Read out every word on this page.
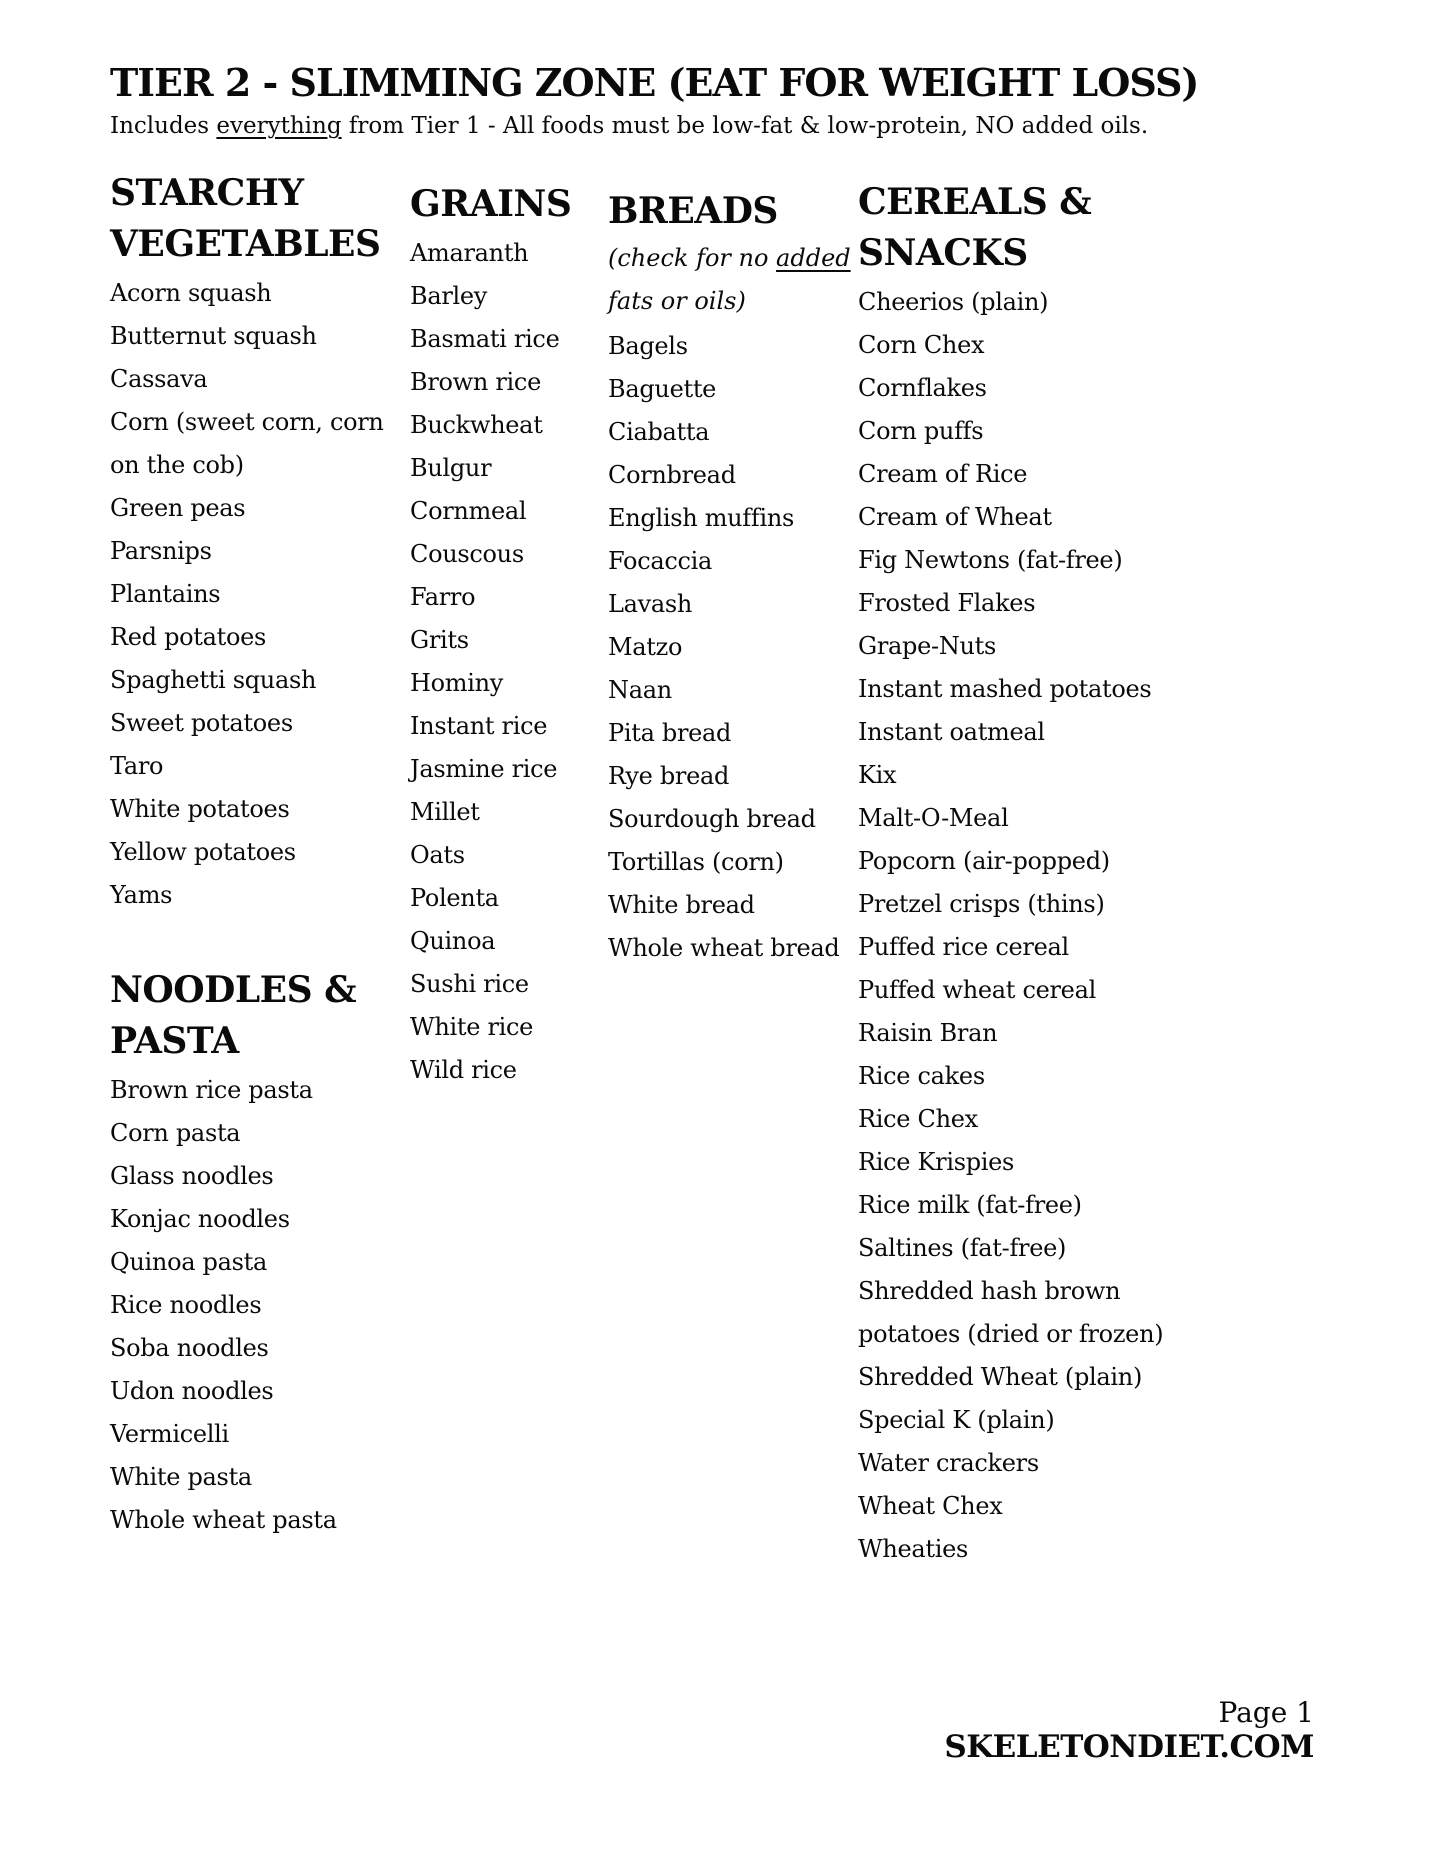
TIER 2 - SLIMMING ZONE (EAT FOR WEIGHT LOSS)
Includes everything from Tier 1 - All foods must be low-fat & low-protein, NO added oils.
STARCHY VEGETABLES
Acorn squash
Butternut squash
Cassava
Corn (sweet corn, corn on the cob)
Green peas
Parsnips
Plantains
Red potatoes
Spaghetti squash
Sweet potatoes
Taro
White potatoes
Yellow potatoes
Yams
NOODLES & PASTA
Brown rice pasta
Corn pasta
Glass noodles
Konjac noodles
Quinoa pasta
Rice noodles
Soba noodles
Udon noodles
Vermicelli
White pasta
Whole wheat pasta
GRAINS
Amaranth
Barley
Basmati rice
Brown rice
Buckwheat
Bulgur
Cornmeal
Couscous
Farro
Grits
Hominy
Instant rice
Jasmine rice
Millet
Oats
Polenta
Quinoa
Sushi rice
White rice
Wild rice
BREADS
(check for no added fats or oils)
Bagels
Baguette
Ciabatta
Cornbread
English muffins
Focaccia
Lavash
Matzo
Naan
Pita bread
Rye bread
Sourdough bread
Tortillas (corn)
White bread
Whole wheat bread
CEREALS & SNACKS
Cheerios (plain)
Corn Chex
Cornflakes
Corn puffs
Cream of Rice
Cream of Wheat
Fig Newtons (fat-free)
Frosted Flakes
Grape-Nuts
Instant mashed potatoes
Instant oatmeal
Kix
Malt-O-Meal
Popcorn (air-popped)
Pretzel crisps (thins)
Puffed rice cereal
Puffed wheat cereal
Raisin Bran
Rice cakes
Rice Chex
Rice Krispies
Rice milk (fat-free)
Saltines (fat-free)
Shredded hash brown potatoes (dried or frozen)
Shredded Wheat (plain)
Special K (plain)
Water crackers
Wheat Chex
Wheaties
Page 1
SKELETONDIET.COM
